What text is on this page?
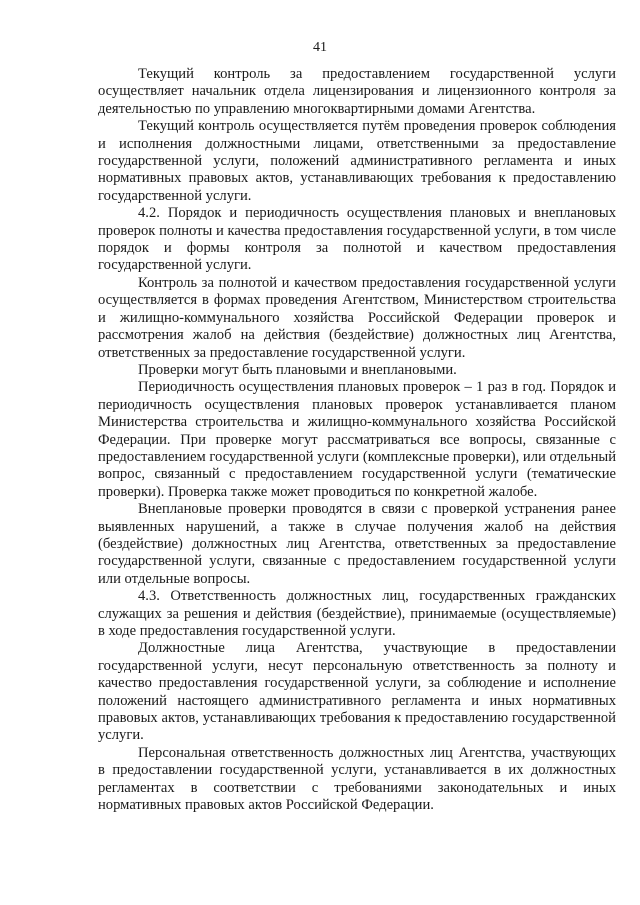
41

Текущий контроль за предоставлением государственной услуги осуществляет начальник отдела лицензирования и лицензионного контроля за деятельностью по управлению многоквартирными домами Агентства.

Текущий контроль осуществляется путём проведения проверок соблюдения и исполнения должностными лицами, ответственными за предоставление государственной услуги, положений административного регламента и иных нормативных правовых актов, устанавливающих требования к предоставлению государственной услуги.

4.2. Порядок и периодичность осуществления плановых и внеплановых проверок полноты и качества предоставления государственной услуги, в том числе порядок и формы контроля за полнотой и качеством предоставления государственной услуги.

Контроль за полнотой и качеством предоставления государственной услуги осуществляется в формах проведения Агентством, Министерством строительства и жилищно-коммунального хозяйства Российской Федерации проверок и рассмотрения жалоб на действия (бездействие) должностных лиц Агентства, ответственных за предоставление государственной услуги.

Проверки могут быть плановыми и внеплановыми.

Периодичность осуществления плановых проверок – 1 раз в год. Порядок и периодичность осуществления плановых проверок устанавливается планом Министерства строительства и жилищно-коммунального хозяйства Российской Федерации. При проверке могут рассматриваться все вопросы, связанные с предоставлением государственной услуги (комплексные проверки), или отдельный вопрос, связанный с предоставлением государственной услуги (тематические проверки). Проверка также может проводиться по конкретной жалобе.

Внеплановые проверки проводятся в связи с проверкой устранения ранее выявленных нарушений, а также в случае получения жалоб на действия (бездействие) должностных лиц Агентства, ответственных за предоставление государственной услуги, связанные с предоставлением государственной услуги или отдельные вопросы.

4.3. Ответственность должностных лиц, государственных гражданских служащих за решения и действия (бездействие), принимаемые (осуществляемые) в ходе предоставления государственной услуги.

Должностные лица Агентства, участвующие в предоставлении государственной услуги, несут персональную ответственность за полноту и качество предоставления государственной услуги, за соблюдение и исполнение положений настоящего административного регламента и иных нормативных правовых актов, устанавливающих требования к предоставлению государственной услуги.

Персональная ответственность должностных лиц Агентства, участвующих в предоставлении государственной услуги, устанавливается в их должностных регламентах в соответствии с требованиями законодательных и иных нормативных правовых актов Российской Федерации.
